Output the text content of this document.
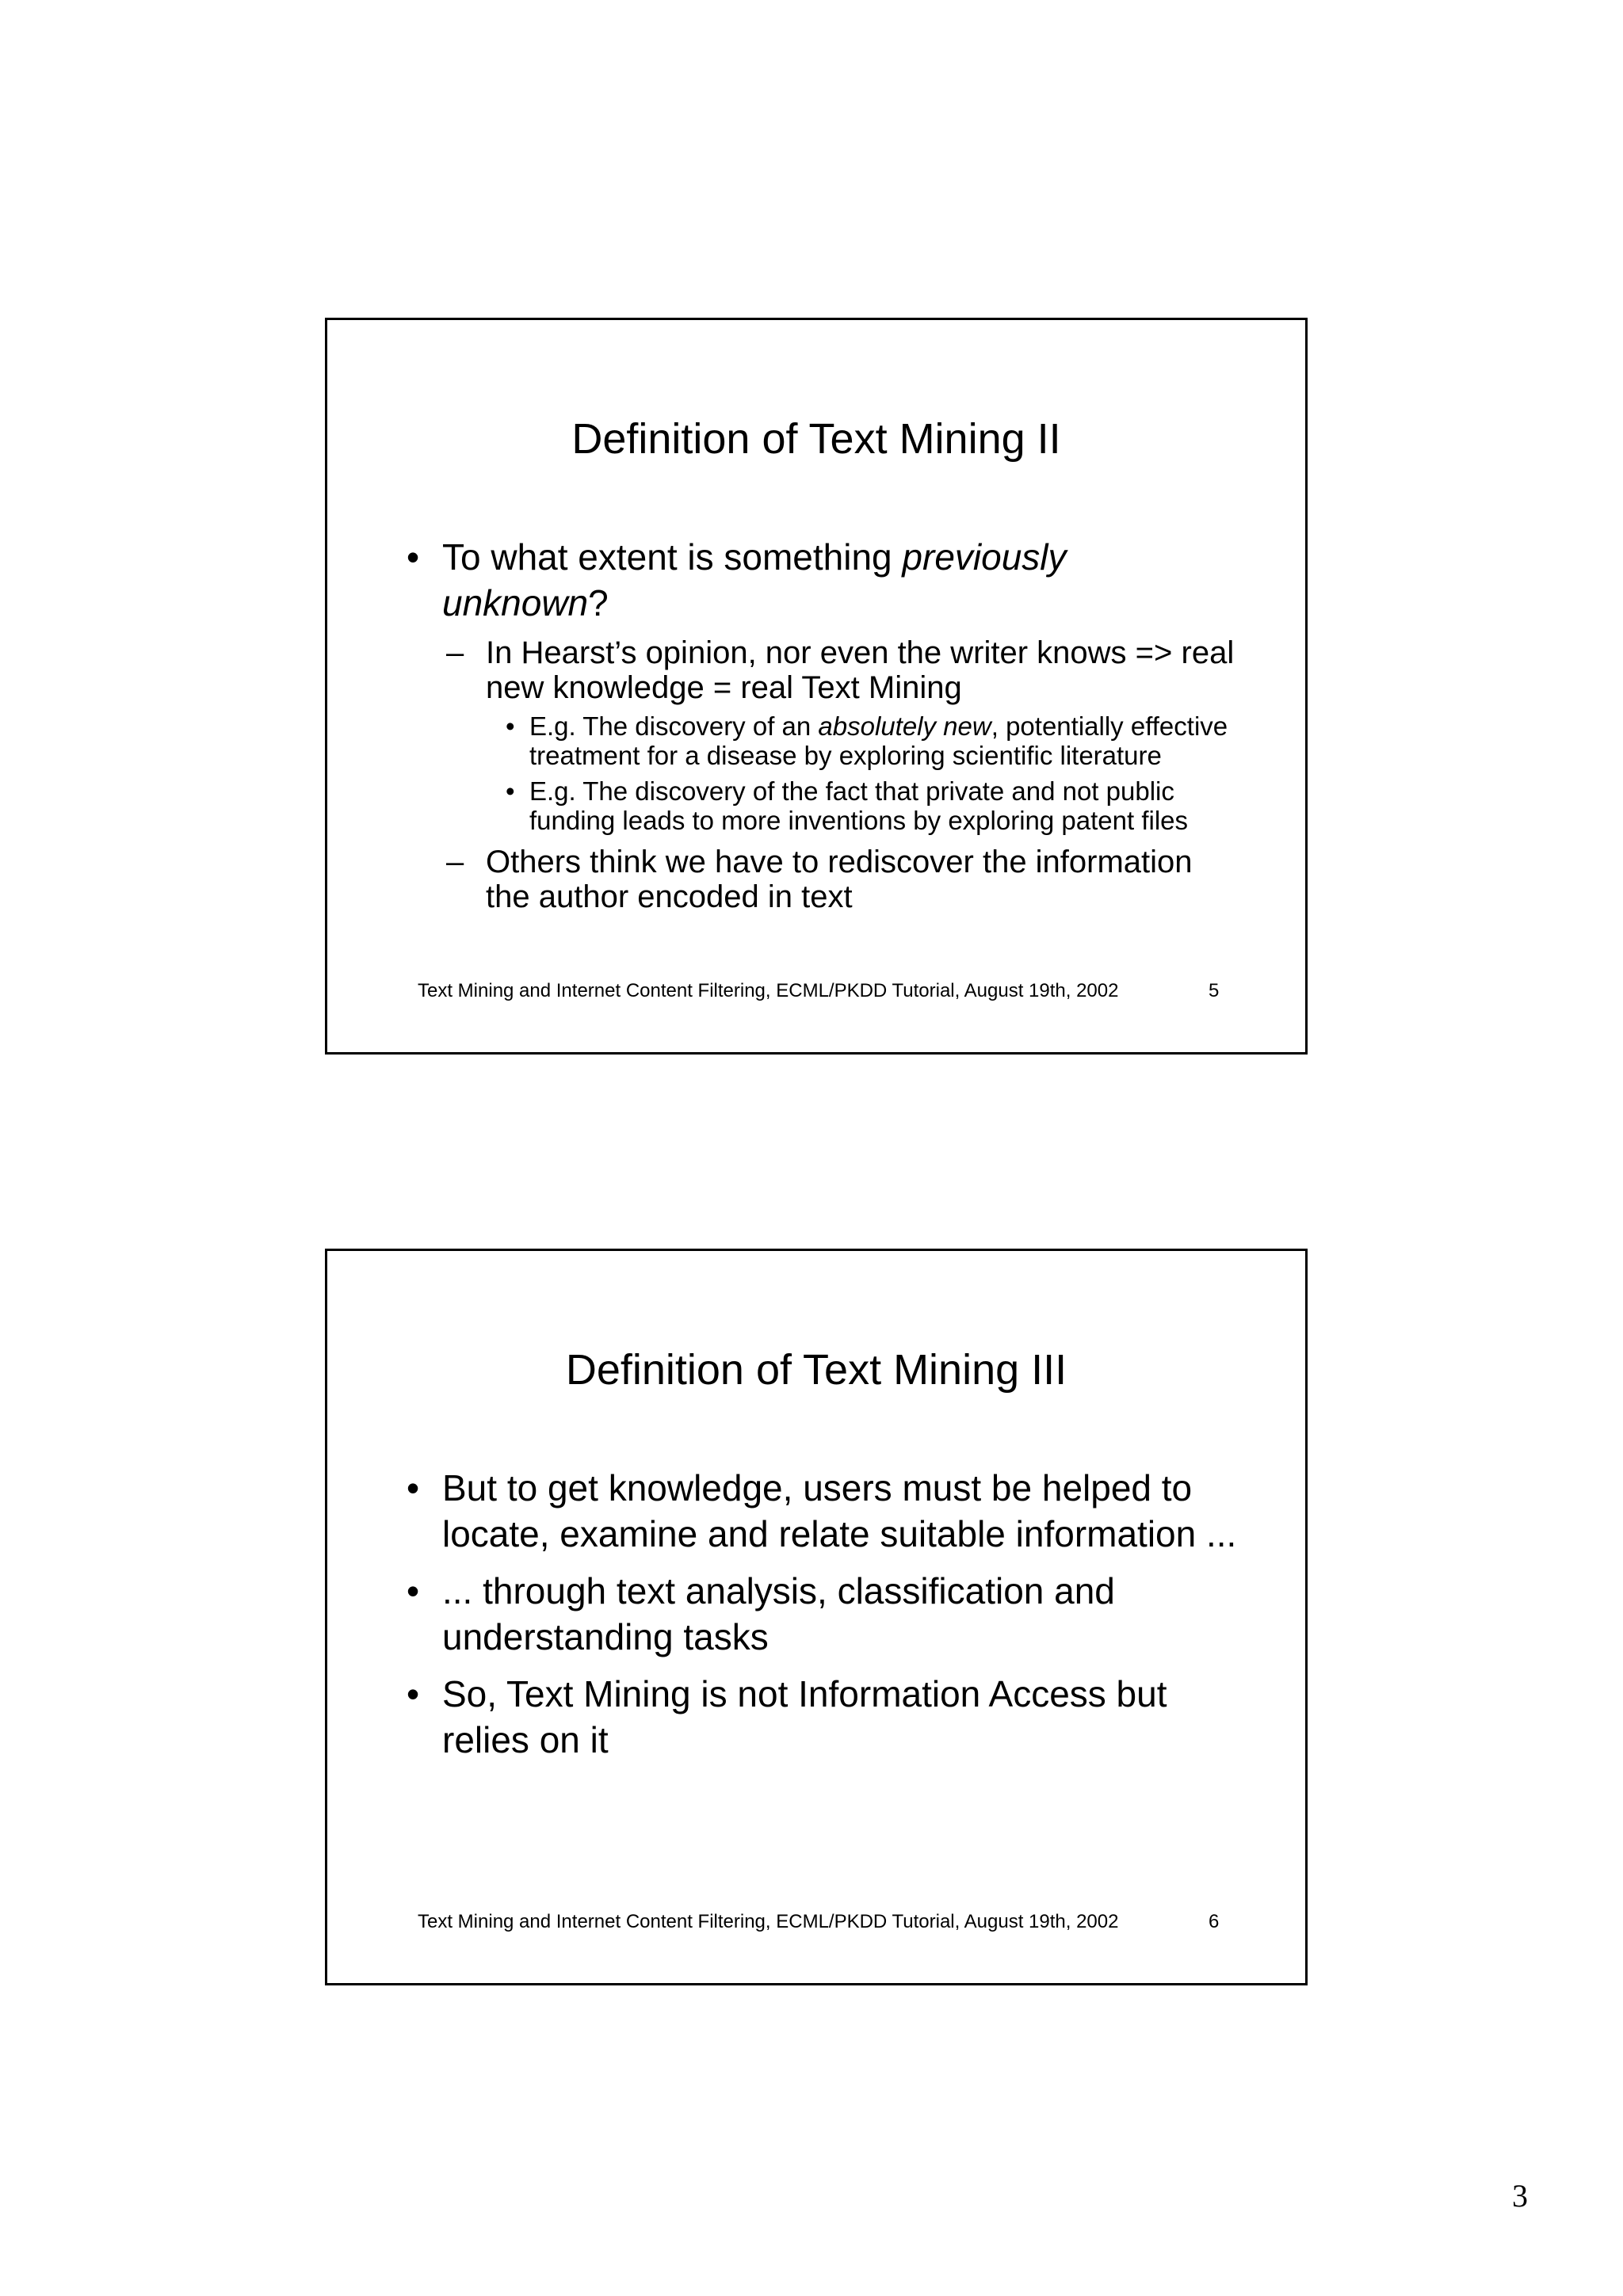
Definition of Text Mining II
• To what extent is something previously unknown?
– In Hearst’s opinion, nor even the writer knows => real new knowledge = real Text Mining
• E.g. The discovery of an absolutely new, potentially effective treatment for a disease by exploring scientific literature
• E.g. The discovery of the fact that private and not public funding leads to more inventions by exploring patent files
– Others think we have to rediscover the information the author encoded in text
Text Mining and Internet Content Filtering, ECML/PKDD Tutorial, August 19th, 2002	5
Definition of Text Mining III
• But to get knowledge, users must be helped to locate, examine and relate suitable information ...
• ... through text analysis, classification and understanding tasks
• So, Text Mining is not Information Access but relies on it
Text Mining and Internet Content Filtering, ECML/PKDD Tutorial, August 19th, 2002	6
3
